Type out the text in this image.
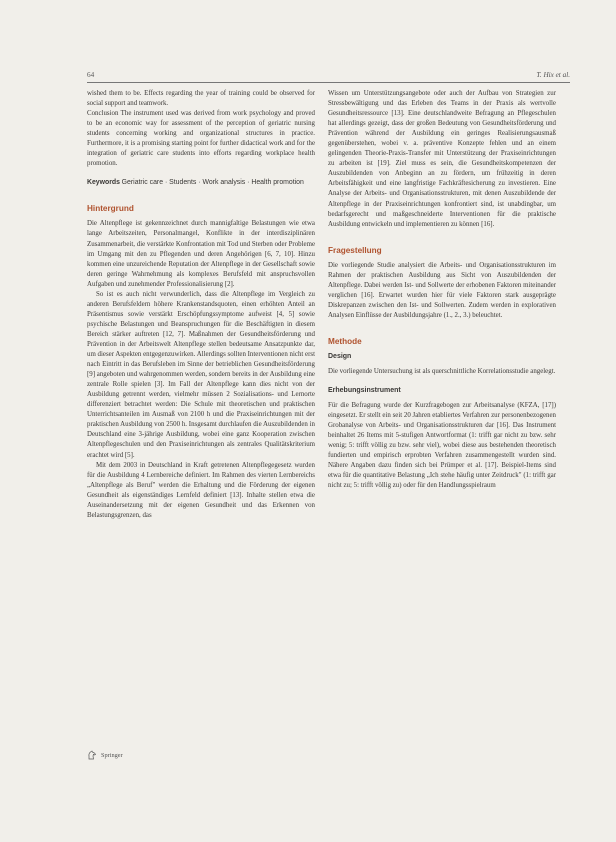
64	T. Hix et al.

wished them to be. Effects regarding the year of training could be observed for social support and teamwork.

Conclusion The instrument used was derived from work psychology and proved to be an economic way for assessment of the perception of geriatric nursing students concerning working and organizational structures in practice. Furthermore, it is a promising starting point for further didactical work and for the integration of geriatric care students into efforts regarding workplace health promotion.

Keywords Geriatric care · Students · Work analysis · Health promotion

Hintergrund

Die Altenpflege ist gekennzeichnet durch mannigfaltige Belastungen wie etwa lange Arbeitszeiten, Personalmangel, Konflikte in der interdisziplinären Zusammenarbeit, die verstärkte Konfrontation mit Tod und Sterben oder Probleme im Umgang mit den zu Pflegenden und deren Angehörigen [6, 7, 10]. Hinzu kommen eine unzureichende Reputation der Altenpflege in der Gesellschaft sowie deren geringe Wahrnehmung als komplexes Berufsfeld mit anspruchsvollen Aufgaben und zunehmender Professionalisierung [2].

So ist es auch nicht verwunderlich, dass die Altenpflege im Vergleich zu anderen Berufsfeldern höhere Krankenstandsquoten, einen erhöhten Anteil an Präsentismus sowie verstärkt Erschöpfungssymptome aufweist [4, 5] sowie psychische Belastungen und Beanspruchungen für die Beschäftigten in diesem Bereich stärker auftreten [12, 7]. Maßnahmen der Gesundheitsförderung und Prävention in der Arbeitswelt Altenpflege stellen bedeutsame Ansatzpunkte dar, um dieser Aspekten entgegenzuwirken. Allerdings sollten Interventionen nicht erst nach Eintritt in das Berufsleben im Sinne der betrieblichen Gesundheitsförderung [9] angeboten und wahrgenommen werden, sondern bereits in der Ausbildung eine zentrale Rolle spielen [3]. Im Fall der Altenpflege kann dies nicht von der Ausbildung getrennt werden, vielmehr müssen 2 Sozialisations- und Lernorte differenziert betrachtet werden: Die Schule mit theoretischen und praktischen Unterrichtsanteilen im Ausmaß von 2100 h und die Praxiseinrichtungen mit der praktischen Ausbildung von 2500 h. Insgesamt durchlaufen die Auszubildenden in Deutschland eine 3-jährige Ausbildung, wobei eine ganz Kooperation zwischen Altenpflegeschulen und den Praxiseinrichtungen als zentrales Qualitätskriterium erachtet wird [5].

Mit dem 2003 in Deutschland in Kraft getretenen Altenpflegegesetz wurden für die Ausbildung 4 Lernbereiche definiert. Im Rahmen des vierten Lernbereichs „Altenpflege als Beruf" werden die Erhaltung und die Förderung der eigenen Gesundheit als eigenständiges Lernfeld definiert [13]. Inhalte stellen etwa die Auseinandersetzung mit der eigenen Gesundheit und das Erkennen von Belastungsgrenzen, das

Wissen um Unterstützungsangebote oder auch der Aufbau von Strategien zur Stressbewältigung und das Erleben des Teams in der Praxis als wertvolle Gesundheitsressource [13]. Eine deutschlandweite Befragung an Pflegeschulen hat allerdings gezeigt, dass der großen Bedeutung von Gesundheitsförderung und Prävention während der Ausbildung ein geringes Realisierungsausmaß gegenüberstehen, wobei v. a. präventive Konzepte fehlen und an einem gelingenden Theorie-Praxis-Transfer mit Unterstützung der Praxiseinrichtungen zu arbeiten ist [19]. Ziel muss es sein, die Gesundheitskompetenzen der Auszubildenden von Anbeginn an zu fördern, um frühzeitig in deren Arbeitsfähigkeit und eine langfristige Fachkräftesicherung zu investieren. Eine Analyse der Arbeits- und Organisationsstrukturen, mit denen Auszubildende der Altenpflege in der Praxiseinrichtungen konfrontiert sind, ist unabdingbar, um bedarfsgerecht und maßgeschneiderte Interventionen für die praktische Ausbildung entwickeln und implementieren zu können [16].

Fragestellung

Die vorliegende Studie analysiert die Arbeits- und Organisationsstrukturen im Rahmen der praktischen Ausbildung aus Sicht von Auszubildenden der Altenpflege. Dabei werden Ist- und Sollwerte der erhobenen Faktoren miteinander verglichen [16]. Erwartet wurden hier für viele Faktoren stark ausgeprägte Diskrepanzen zwischen den Ist- und Sollwerten. Zudem werden in explorativen Analysen Einflüsse der Ausbildungsjahre (1., 2., 3.) beleuchtet.

Methode
Design

Die vorliegende Untersuchung ist als querschnittliche Korrelationsstudie angelegt.

Erhebungsinstrument

Für die Befragung wurde der Kurzfragebogen zur Arbeitsanalyse (KFZA, [17]) eingesetzt. Er stellt ein seit 20 Jahren etabliertes Verfahren zur personenbezogenen Grobanalyse von Arbeits- und Organisationsstrukturen dar [16]. Das Instrument beinhaltet 26 Items mit 5-stufigen Antwortformat (1: trifft gar nicht zu bzw. sehr wenig; 5: trifft völlig zu bzw. sehr viel), wobei diese aus bestehenden theoretisch fundierten und empirisch erprobten Verfahren zusammengestellt wurden sind. Nähere Angaben dazu finden sich bei Prümper et al. [17]. Beispiel-Items sind etwa für die quantitative Belastung „Ich stehe häufig unter Zeitdruck" (1: trifft gar nicht zu; 5: trifft völlig zu) oder für den Handlungsspielraum

Springer
